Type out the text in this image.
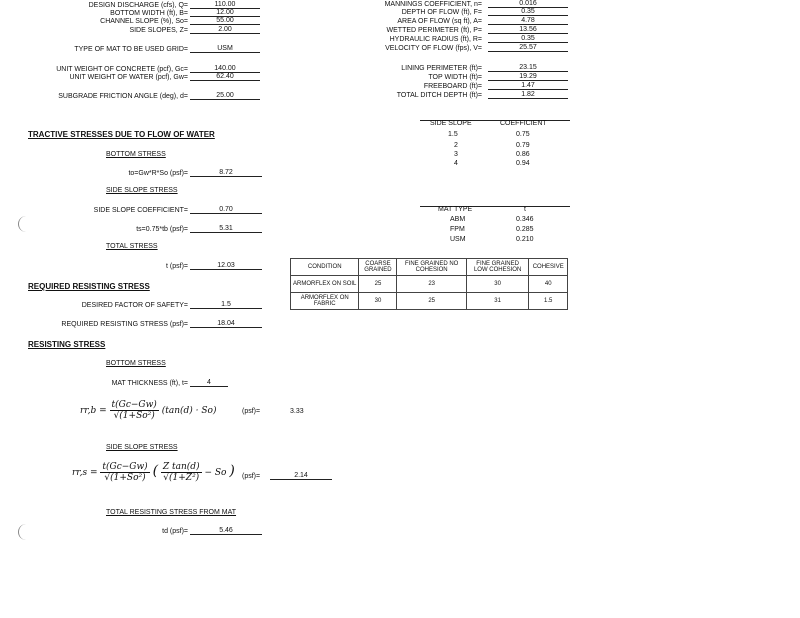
DESIGN DISCHARGE (cfs), Q=	110.00
BOTTOM WIDTH (ft), B=	12.00
CHANNEL SLOPE (%), So=	55.00
SIDE SLOPES, Z=	2.00
TYPE OF MAT TO BE USED GRID=	USM
UNIT WEIGHT OF CONCRETE (pcf), Gc=	140.00
UNIT WEIGHT OF WATER (pcf), Gw=	62.40
SUBGRADE FRICTION ANGLE (deg), d=	25.00
MANNINGS COEFFICIENT, n=	0.016
DEPTH OF FLOW (ft), F=	0.35
AREA OF FLOW (sq ft), A=	4.78
WETTED PERIMETER (ft), P=	13.56
HYDRAULIC RADIUS (ft), R=	0.35
VELOCITY OF FLOW (fps), V=	25.57
LINING PERIMETER (ft)=	23.15
TOP WIDTH (ft)=	19.29
FREEBOARD (ft)=	1.47
TOTAL DITCH DEPTH (ft)=	1.82
TRACTIVE STRESSES DUE TO FLOW OF WATER
BOTTOM STRESS
to=Gw*R*So (psf)=	8.72
SIDE SLOPE STRESS
SIDE SLOPE COEFFICIENT=	0.70
ts=0.75*tb (psf)=	5.31
TOTAL STRESS
t (psf)=	12.03
SIDE SLOPE	COEFFICIENT
1.5	0.75
2	0.79
3	0.86
4	0.94
MAT TYPE	t
ABM	0.346
FPM	0.285
USM	0.210
CONDITION	COARSE GRAINED	FINE GRAINED NO COHESION	FINE GRAINED LOW COHESION	COHESIVE
ARMORFLEX ON SOIL	25	23	30	40
ARMORFLEX ON FABRIC	30	25	31	1.5
REQUIRED RESISTING STRESS
DESIRED FACTOR OF SAFETY=	1.5
REQUIRED RESISTING STRESS (psf)=	18.04
RESISTING STRESS
BOTTOM STRESS
MAT THICKNESS (ft), t=	4
$rr,b = \frac{t(Gc-Gw)}{\text{√(1+So²)}} (\tan(d) \cdot So)$	(psf)=	3.33
SIDE SLOPE STRESS
$rr,s = \frac{t(Gc-Gw)}{\text{√(1+So²)}}$ ( $\frac{\text{Z tan(d)}}{\text{√(1+Z²)}} - So$ ) (psf)=	2.14
TOTAL RESISTING STRESS FROM MAT
td (psf)=	5.46
